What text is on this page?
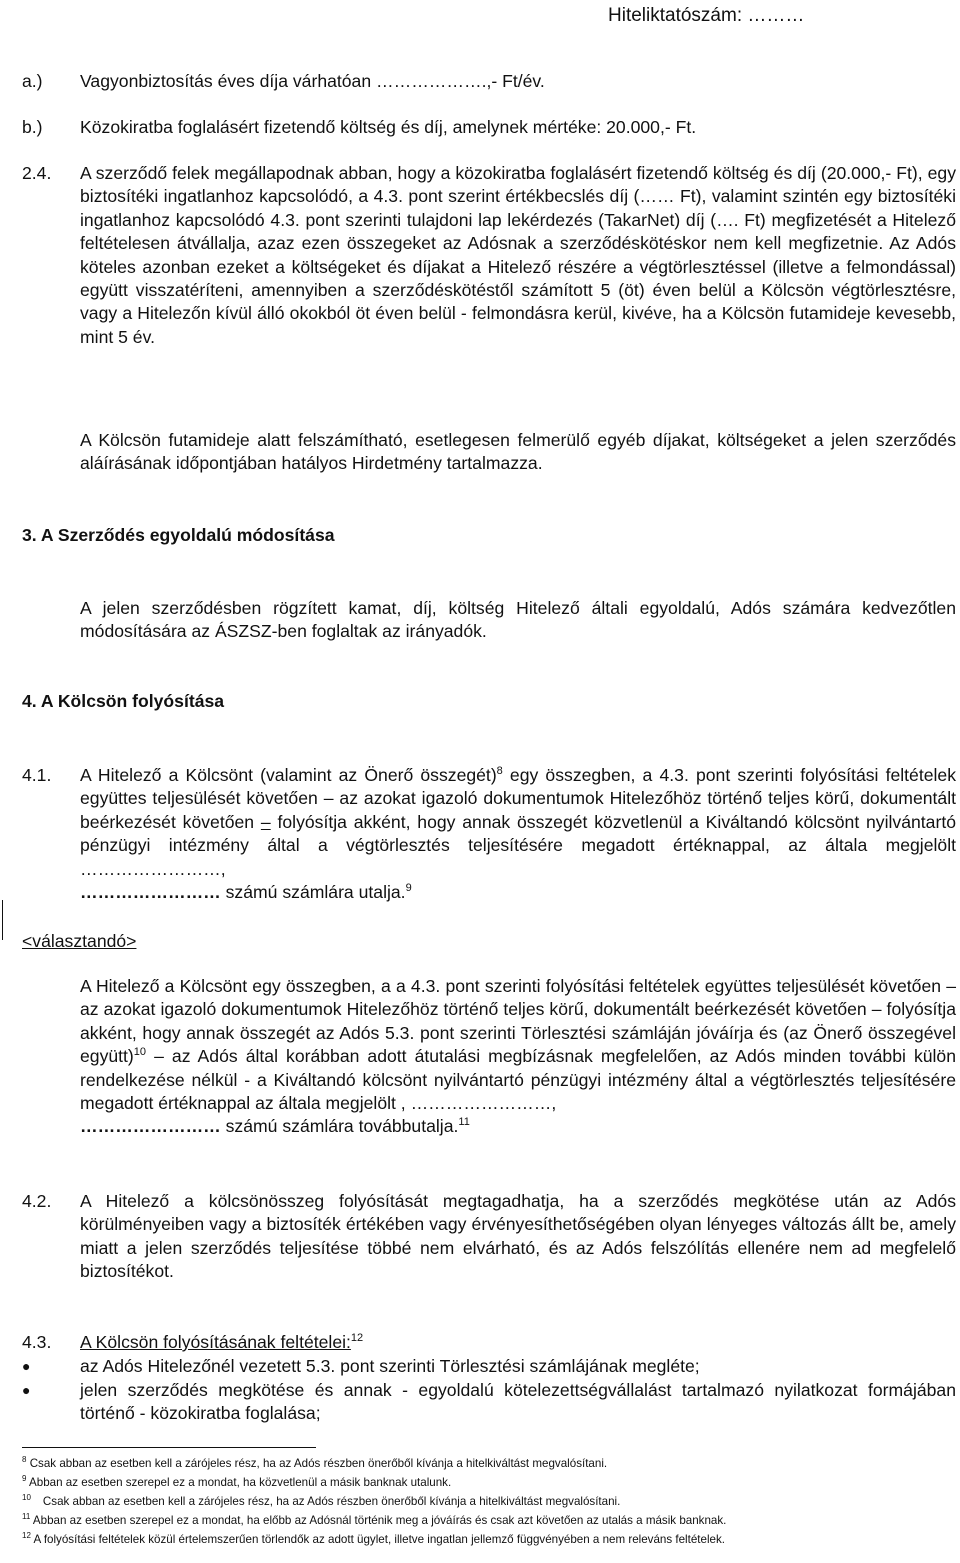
Hiteliktatószám: ………
a.) Vagyonbiztosítás éves díja várhatóan ……………….,- Ft/év.
b.) Közokiratba foglalásért fizetendő költség és díj, amelynek mértéke: 20.000,- Ft.
2.4. A szerződő felek megállapodnak abban, hogy a közokiratba foglalásért fizetendő költség és díj (20.000,- Ft), egy biztosítéki ingatlanhoz kapcsolódó, a 4.3. pont szerint értékbecslés díj (…… Ft), valamint szintén egy biztosítéki ingatlanhoz kapcsolódó 4.3. pont szerinti tulajdoni lap lekérdezés (TakarNet) díj (…. Ft) megfizetését a Hitelező feltételesen átvállalja, azaz ezen összegeket az Adósnak a szerződéskötéskor nem kell megfizetnie. Az Adós köteles azonban ezeket a költségeket és díjakat a Hitelező részére a végtörlesztéssel (illetve a felmondással) együtt visszatéríteni, amennyiben a szerződéskötéstől számított 5 (öt) éven belül a Kölcsön végtörlesztésre, vagy a Hitelezőn kívül álló okokból öt éven belül - felmondásra kerül, kivéve, ha a Kölcsön futamideje kevesebb, mint 5 év.
A Kölcsön futamideje alatt felszámítható, esetlegesen felmerülő egyéb díjakat, költségeket a jelen szerződés aláírásának időpontjában hatályos Hirdetmény tartalmazza.
3. A Szerződés egyoldalú módosítása
A jelen szerződésben rögzített kamat, díj, költség Hitelező általi egyoldalú, Adós számára kedvezőtlen módosítására az ÁSZSZ-ben foglaltak az irányadók.
4. A Kölcsön folyósítása
4.1. A Hitelező a Kölcsönt (valamint az Önerő összegét)$^8$ egy összegben, a 4.3. pont szerinti folyósítási feltételek együttes teljesülését követően – az azokat igazoló dokumentumok Hitelezőhöz történő teljes körű, dokumentált beérkezését követően – folyósítja akként, hogy annak összegét közvetlenül a Kiváltandó kölcsönt nyilvántartó pénzügyi intézmény által a végtörlesztés teljesítésére megadott értéknappal, az általa megjelölt ……………………,
…………………… számú számlára utalja.$^9$
<választandó>
A Hitelező a Kölcsönt egy összegben, a a 4.3. pont szerinti folyósítási feltételek együttes teljesülését követően – az azokat igazoló dokumentumok Hitelezőhöz történő teljes körű, dokumentált beérkezését követően – folyósítja akként, hogy annak összegét az Adós 5.3. pont szerinti Törlesztési számláján jóváírja és (az Önerő összegével együtt)$^{10}$ – az Adós által korábban adott átutalási megbízásnak megfelelően, az Adós minden további külön rendelkezése nélkül - a Kiváltandó kölcsönt nyilvántartó pénzügyi intézmény által a végtörlesztés teljesítésére megadott értéknappal az általa megjelölt , ……………………,
…………………… számú számlára továbbutalja.$^{11}$
4.2. A Hitelező a kölcsönösszeg folyósítását megtagadhatja, ha a szerződés megkötése után az Adós körülményeiben vagy a biztosíték értékében vagy érvényesíthetőségében olyan lényeges változás állt be, amely miatt a jelen szerződés teljesítése többé nem elvárható, és az Adós felszólítás ellenére nem ad megfelelő biztosítékot.
4.3. A Kölcsön folyósításának feltételei:$^{12}$
●	az Adós Hitelezőnél vezetett 5.3. pont szerinti Törlesztési számlájának megléte;
●	jelen szerződés megkötése és annak - egyoldalú kötelezettségvállalást tartalmazó nyilatkozat formájában történő - közokiratba foglalása;
$^8$ Csak abban az esetben kell a zárójeles rész, ha az Adós részben önerőből kívánja a hitelkiváltást megvalósítani.
$^9$ Abban az esetben szerepel ez a mondat, ha közvetlenül a másik banknak utalunk.
$^{10}$ Csak abban az esetben kell a zárójeles rész, ha az Adós részben önerőből kívánja a hitelkiváltást megvalósítani.
$^{11}$ Abban az esetben szerepel ez a mondat, ha előbb az Adósnál történik meg a jóváírás és csak azt követően az utalás a másik banknak.
$^{12}$ A folyósítási feltételek közül értelemszerűen törlendők az adott ügylet, illetve ingatlan jellemző függvényében a nem releváns feltételek.
